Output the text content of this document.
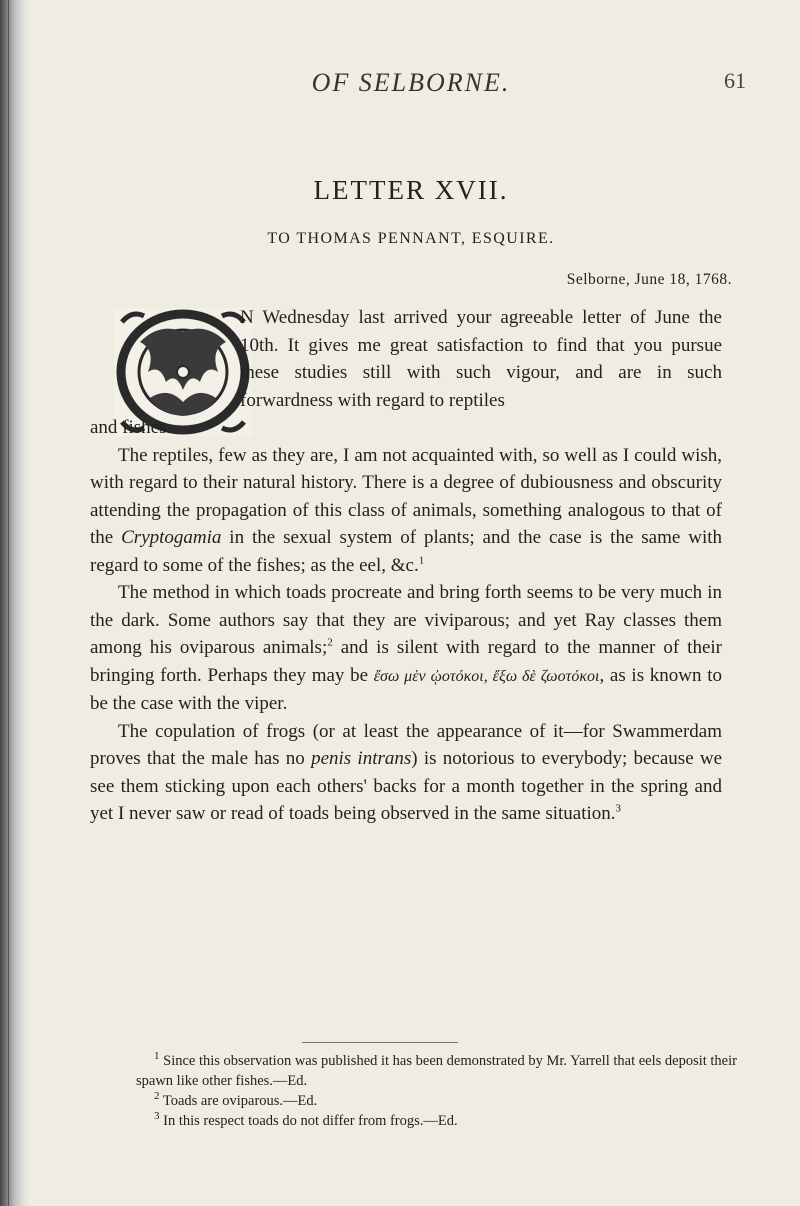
OF SELBORNE.	61
LETTER XVII.
TO THOMAS PENNANT, ESQUIRE.
Selborne, June 18, 1768.

N Wednesday last arrived your agreeable letter of June the 10th. It gives me great satisfaction to find that you pursue these studies still with such vigour, and are in such forwardness with regard to reptiles
and fishes.

The reptiles, few as they are, I am not acquainted with, so well as I could wish, with regard to their natural history. There is a degree of dubiousness and obscurity attending the propagation of this class of animals, something analogous to that of the Cryptogamia in the sexual system of plants; and the case is the same with regard to some of the fishes; as the eel, &c.$^1$

The method in which toads procreate and bring forth seems to be very much in the dark. Some authors say that they are viviparous; and yet Ray classes them among his oviparous animals;$^2$ and is silent with regard to the manner of their bringing forth. Perhaps they may be ἔσω μὲν ᾠοτόκοι, ἔξω δὲ ζωοτόκοι, as is known to be the case with the viper.

The copulation of frogs (or at least the appearance of it—for Swammerdam proves that the male has no penis intrans) is notorious to everybody; because we see them sticking upon each others' backs for a month together in the spring and yet I never saw or read of toads being observed in the same situation.$^3$

$^1$ Since this observation was published it has been demonstrated by Mr. Yarrell that eels deposit their spawn like other fishes.—Ed.

$^2$ Toads are oviparous.—Ed.

$^3$ In this respect toads do not differ from frogs.—Ed.
